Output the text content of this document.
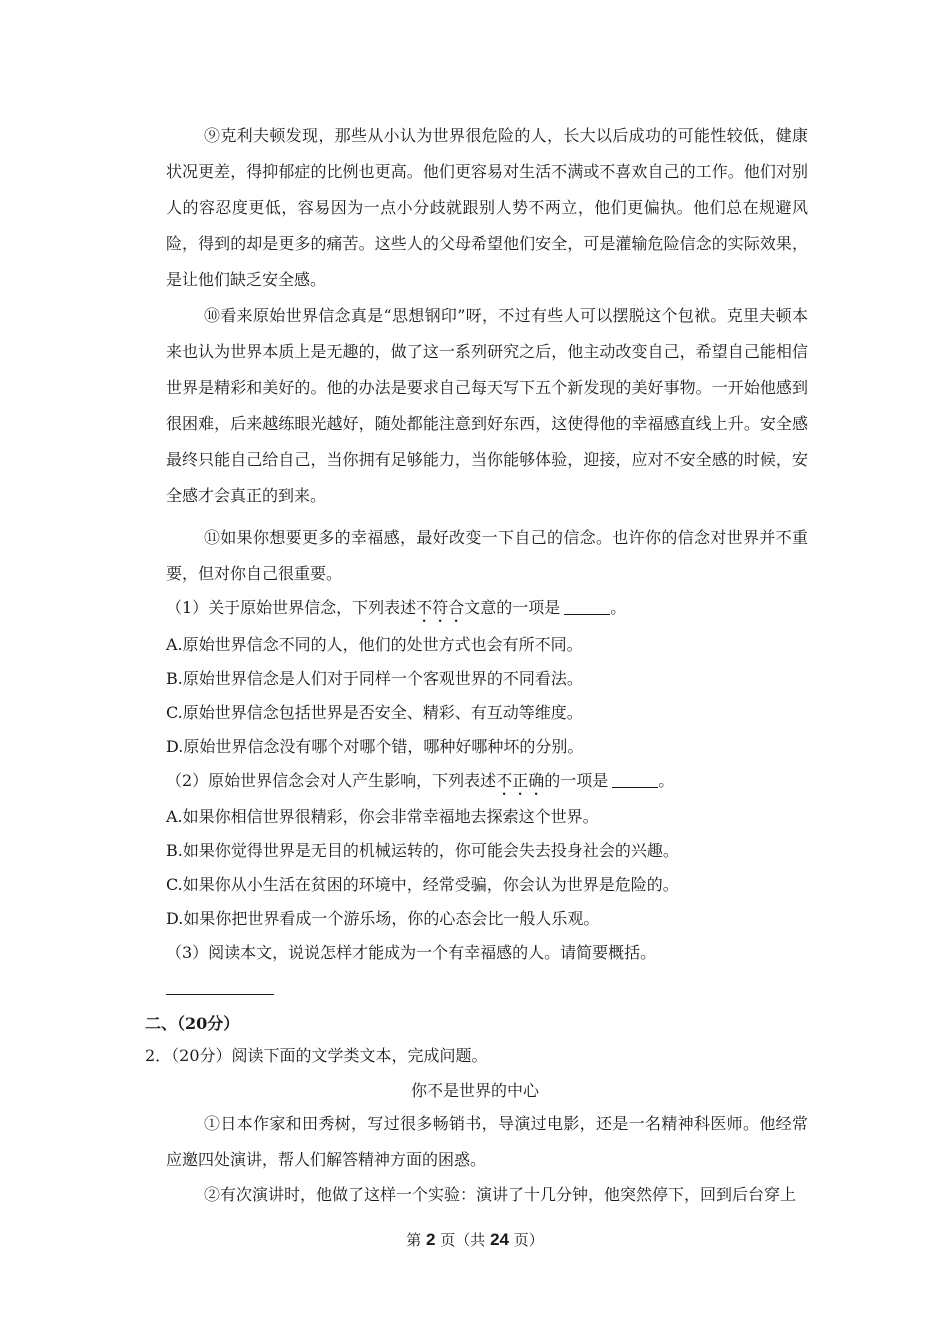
⑨克利夫顿发现，那些从小认为世界很危险的人，长大以后成功的可能性较低，健康状况更差，得抑郁症的比例也更高。他们更容易对生活不满或不喜欢自己的工作。他们对别人的容忍度更低，容易因为一点小分歧就跟别人势不两立，他们更偏执。他们总在规避风险，得到的却是更多的痛苦。这些人的父母希望他们安全，可是灌输危险信念的实际效果，是让他们缺乏安全感。

⑩看来原始世界信念真是“思想钢印”呀，不过有些人可以摆脱这个包袱。克里夫顿本来也认为世界本质上是无趣的，做了这一系列研究之后，他主动改变自己，希望自己能相信世界是精彩和美好的。他的办法是要求自己每天写下五个新发现的美好事物。一开始他感到很困难，后来越练眼光越好，随处都能注意到好东西，这使得他的幸福感直线上升。安全感最终只能自己给自己，当你拥有足够能力，当你能够体验，迎接，应对不安全感的时候，安全感才会真正的到来。

⑪如果你想要更多的幸福感，最好改变一下自己的信念。也许你的信念对世界并不重要，但对你自己很重要。

（1）关于原始世界信念，下列表述不符合文意的一项是	。

A.原始世界信念不同的人，他们的处世方式也会有所不同。

B.原始世界信念是人们对于同样一个客观世界的不同看法。

C.原始世界信念包括世界是否安全、精彩、有互动等维度。

D.原始世界信念没有哪个对哪个错，哪种好哪种坏的分别。

（2）原始世界信念会对人产生影响，下列表述不正确的一项是	。

A.如果你相信世界很精彩，你会非常幸福地去探索这个世界。

B.如果你觉得世界是无目的机械运转的，你可能会失去投身社会的兴趣。

C.如果你从小生活在贫困的环境中，经常受骗，你会认为世界是危险的。

D.如果你把世界看成一个游乐场，你的心态会比一般人乐观。

（3）阅读本文，说说怎样才能成为一个有幸福感的人。请简要概括。

二、（20分）

2．（20分）阅读下面的文学类文本，完成问题。

你不是世界的中心

①日本作家和田秀树，写过很多畅销书，导演过电影，还是一名精神科医师。他经常应邀四处演讲，帮人们解答精神方面的困惑。

②有次演讲时，他做了这样一个实验：演讲了十几分钟，他突然停下，回到后台穿上

第 2 页（共 24 页）
